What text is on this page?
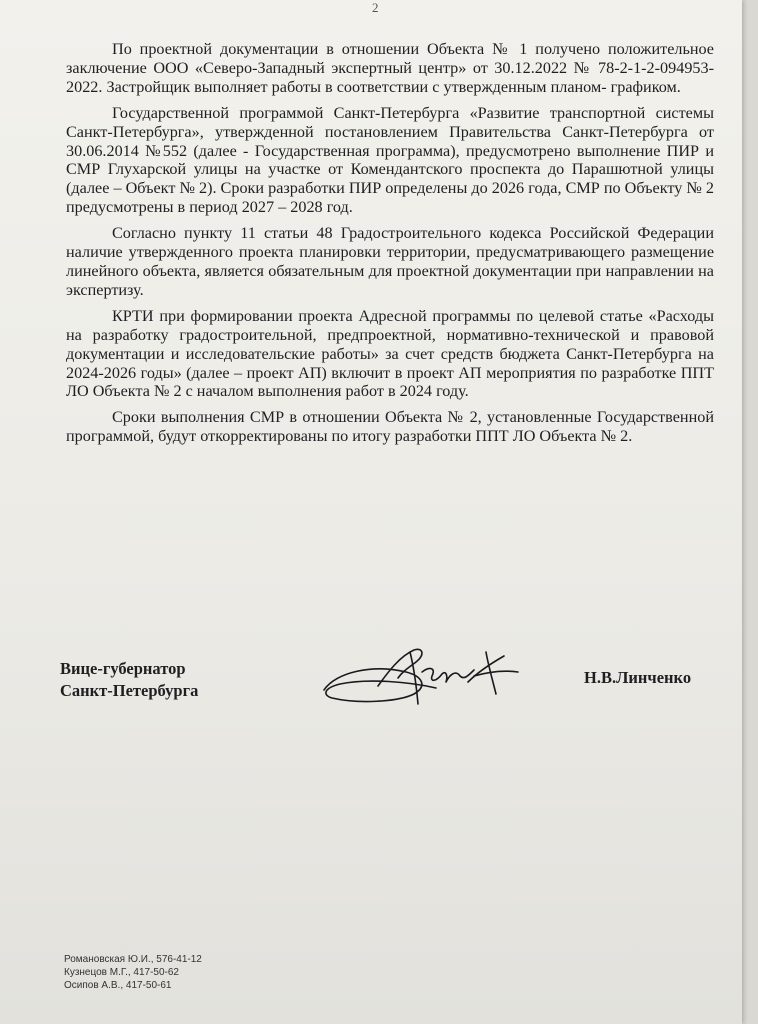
2

По проектной документации в отношении Объекта № 1 получено положительное заключение ООО «Северо-Западный экспертный центр» от 30.12.2022 № 78-2-1-2-094953-2022. Застройщик выполняет работы в соответствии с утвержденным планом- графиком.

Государственной программой Санкт-Петербурга «Развитие транспортной системы Санкт-Петербурга», утвержденной постановлением Правительства Санкт-Петербурга от 30.06.2014 №552 (далее - Государственная программа), предусмотрено выполнение ПИР и СМР Глухарской улицы на участке от Комендантского проспекта до Парашютной улицы (далее – Объект № 2). Сроки разработки ПИР определены до 2026 года, СМР по Объекту № 2 предусмотрены в период 2027 – 2028 год.

Согласно пункту 11 статьи 48 Градостроительного кодекса Российской Федерации наличие утвержденного проекта планировки территории, предусматривающего размещение линейного объекта, является обязательным для проектной документации при направлении на экспертизу.

КРТИ при формировании проекта Адресной программы по целевой статье «Расходы на разработку градостроительной, предпроектной, нормативно-технической и правовой документации и исследовательские работы» за счет средств бюджета Санкт-Петербурга на 2024-2026 годы» (далее – проект АП) включит в проект АП мероприятия по разработке ППТ ЛО Объекта № 2 с началом выполнения работ в 2024 году.

Сроки выполнения СМР в отношении Объекта № 2, установленные Государственной программой, будут откорректированы по итогу разработки ППТ ЛО Объекта № 2.

Вице-губернатор
Санкт-Петербурга
Н.В.Линченко
Романовская Ю.И., 576-41-12
Кузнецов М.Г., 417-50-62
Осипов А.В., 417-50-61
